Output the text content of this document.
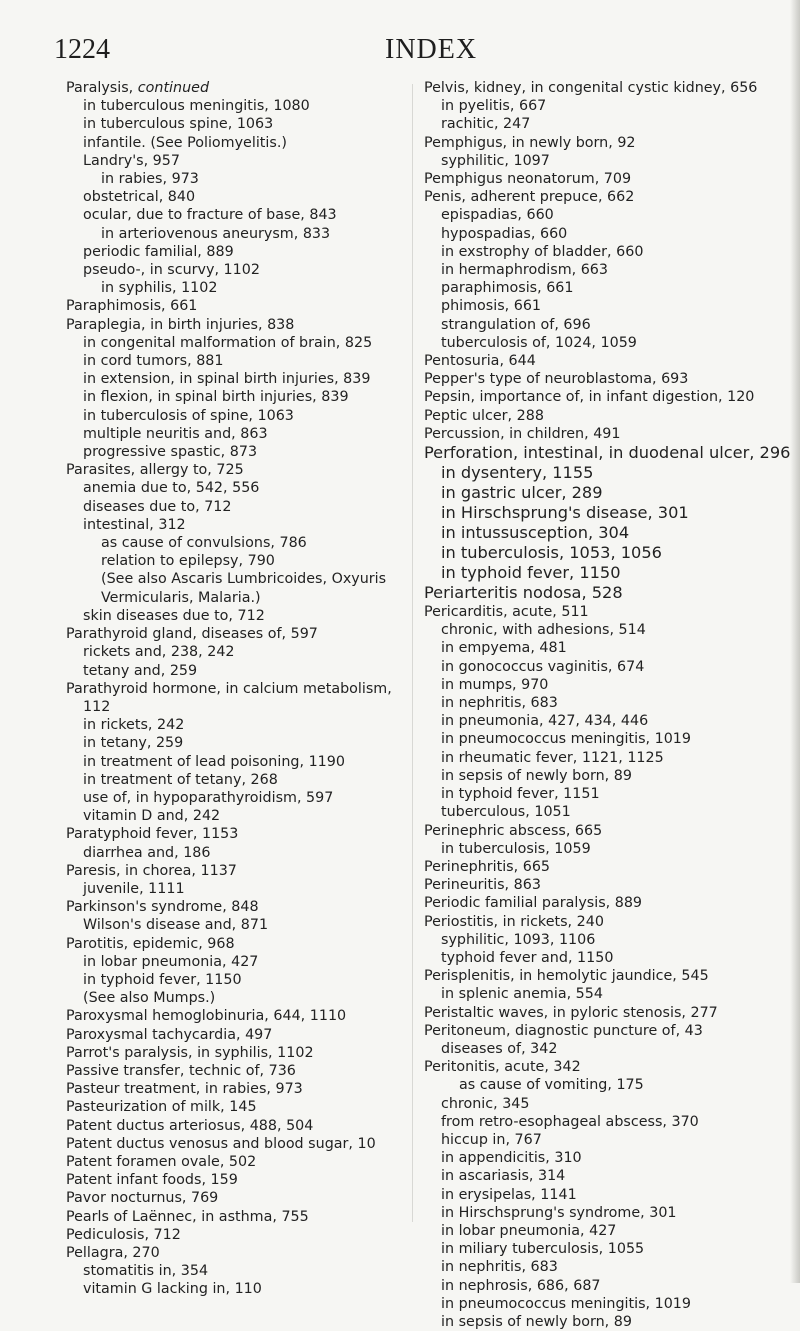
1224	INDEX
Paralysis, continued
in tuberculous meningitis, 1080
in tuberculous spine, 1063
infantile. (See Poliomyelitis.)
Landry's, 957
in rabies, 973
obstetrical, 840
ocular, due to fracture of base, 843
in arteriovenous aneurysm, 833
periodic familial, 889
pseudo-, in scurvy, 1102
in syphilis, 1102
Paraphimosis, 661
Paraplegia, in birth injuries, 838
in congenital malformation of brain, 825
in cord tumors, 881
in extension, in spinal birth injuries, 839
in flexion, in spinal birth injuries, 839
in tuberculosis of spine, 1063
multiple neuritis and, 863
progressive spastic, 873
Parasites, allergy to, 725
anemia due to, 542, 556
diseases due to, 712
intestinal, 312
as cause of convulsions, 786
relation to epilepsy, 790
(See also Ascaris Lumbricoides, Oxyuris
Vermicularis, Malaria.)
skin diseases due to, 712
Parathyroid gland, diseases of, 597
rickets and, 238, 242
tetany and, 259
Parathyroid hormone, in calcium metabolism,
112
in rickets, 242
in tetany, 259
in treatment of lead poisoning, 1190
in treatment of tetany, 268
use of, in hypoparathyroidism, 597
vitamin D and, 242
Paratyphoid fever, 1153
diarrhea and, 186
Paresis, in chorea, 1137
juvenile, 1111
Parkinson's syndrome, 848
Wilson's disease and, 871
Parotitis, epidemic, 968
in lobar pneumonia, 427
in typhoid fever, 1150
(See also Mumps.)
Paroxysmal hemoglobinuria, 644, 1110
Paroxysmal tachycardia, 497
Parrot's paralysis, in syphilis, 1102
Passive transfer, technic of, 736
Pasteur treatment, in rabies, 973
Pasteurization of milk, 145
Patent ductus arteriosus, 488, 504
Patent ductus venosus and blood sugar, 10
Patent foramen ovale, 502
Patent infant foods, 159
Pavor nocturnus, 769
Pearls of Laënnec, in asthma, 755
Pediculosis, 712
Pellagra, 270
stomatitis in, 354
vitamin G lacking in, 110
Pelvis, kidney, in congenital cystic kidney, 656
in pyelitis, 667
rachitic, 247
Pemphigus, in newly born, 92
syphilitic, 1097
Pemphigus neonatorum, 709
Penis, adherent prepuce, 662
epispadias, 660
hypospadias, 660
in exstrophy of bladder, 660
in hermaphrodism, 663
paraphimosis, 661
phimosis, 661
strangulation of, 696
tuberculosis of, 1024, 1059
Pentosuria, 644
Pepper's type of neuroblastoma, 693
Pepsin, importance of, in infant digestion, 120
Peptic ulcer, 288
Percussion, in children, 491
Perforation, intestinal, in duodenal ulcer, 296
in dysentery, 1155
in gastric ulcer, 289
in Hirschsprung's disease, 301
in intussusception, 304
in tuberculosis, 1053, 1056
in typhoid fever, 1150
Periarteritis nodosa, 528
Pericarditis, acute, 511
chronic, with adhesions, 514
in empyema, 481
in gonococcus vaginitis, 674
in mumps, 970
in nephritis, 683
in pneumonia, 427, 434, 446
in pneumococcus meningitis, 1019
in rheumatic fever, 1121, 1125
in sepsis of newly born, 89
in typhoid fever, 1151
tuberculous, 1051
Perinephric abscess, 665
in tuberculosis, 1059
Perinephritis, 665
Perineuritis, 863
Periodic familial paralysis, 889
Periostitis, in rickets, 240
syphilitic, 1093, 1106
typhoid fever and, 1150
Perisplenitis, in hemolytic jaundice, 545
in splenic anemia, 554
Peristaltic waves, in pyloric stenosis, 277
Peritoneum, diagnostic puncture of, 43
diseases of, 342
Peritonitis, acute, 342
as cause of vomiting, 175
chronic, 345
from retro-esophageal abscess, 370
hiccup in, 767
in appendicitis, 310
in ascariasis, 314
in erysipelas, 1141
in Hirschsprung's syndrome, 301
in lobar pneumonia, 427
in miliary tuberculosis, 1055
in nephritis, 683
in nephrosis, 686, 687
in pneumococcus meningitis, 1019
in sepsis of newly born, 89
